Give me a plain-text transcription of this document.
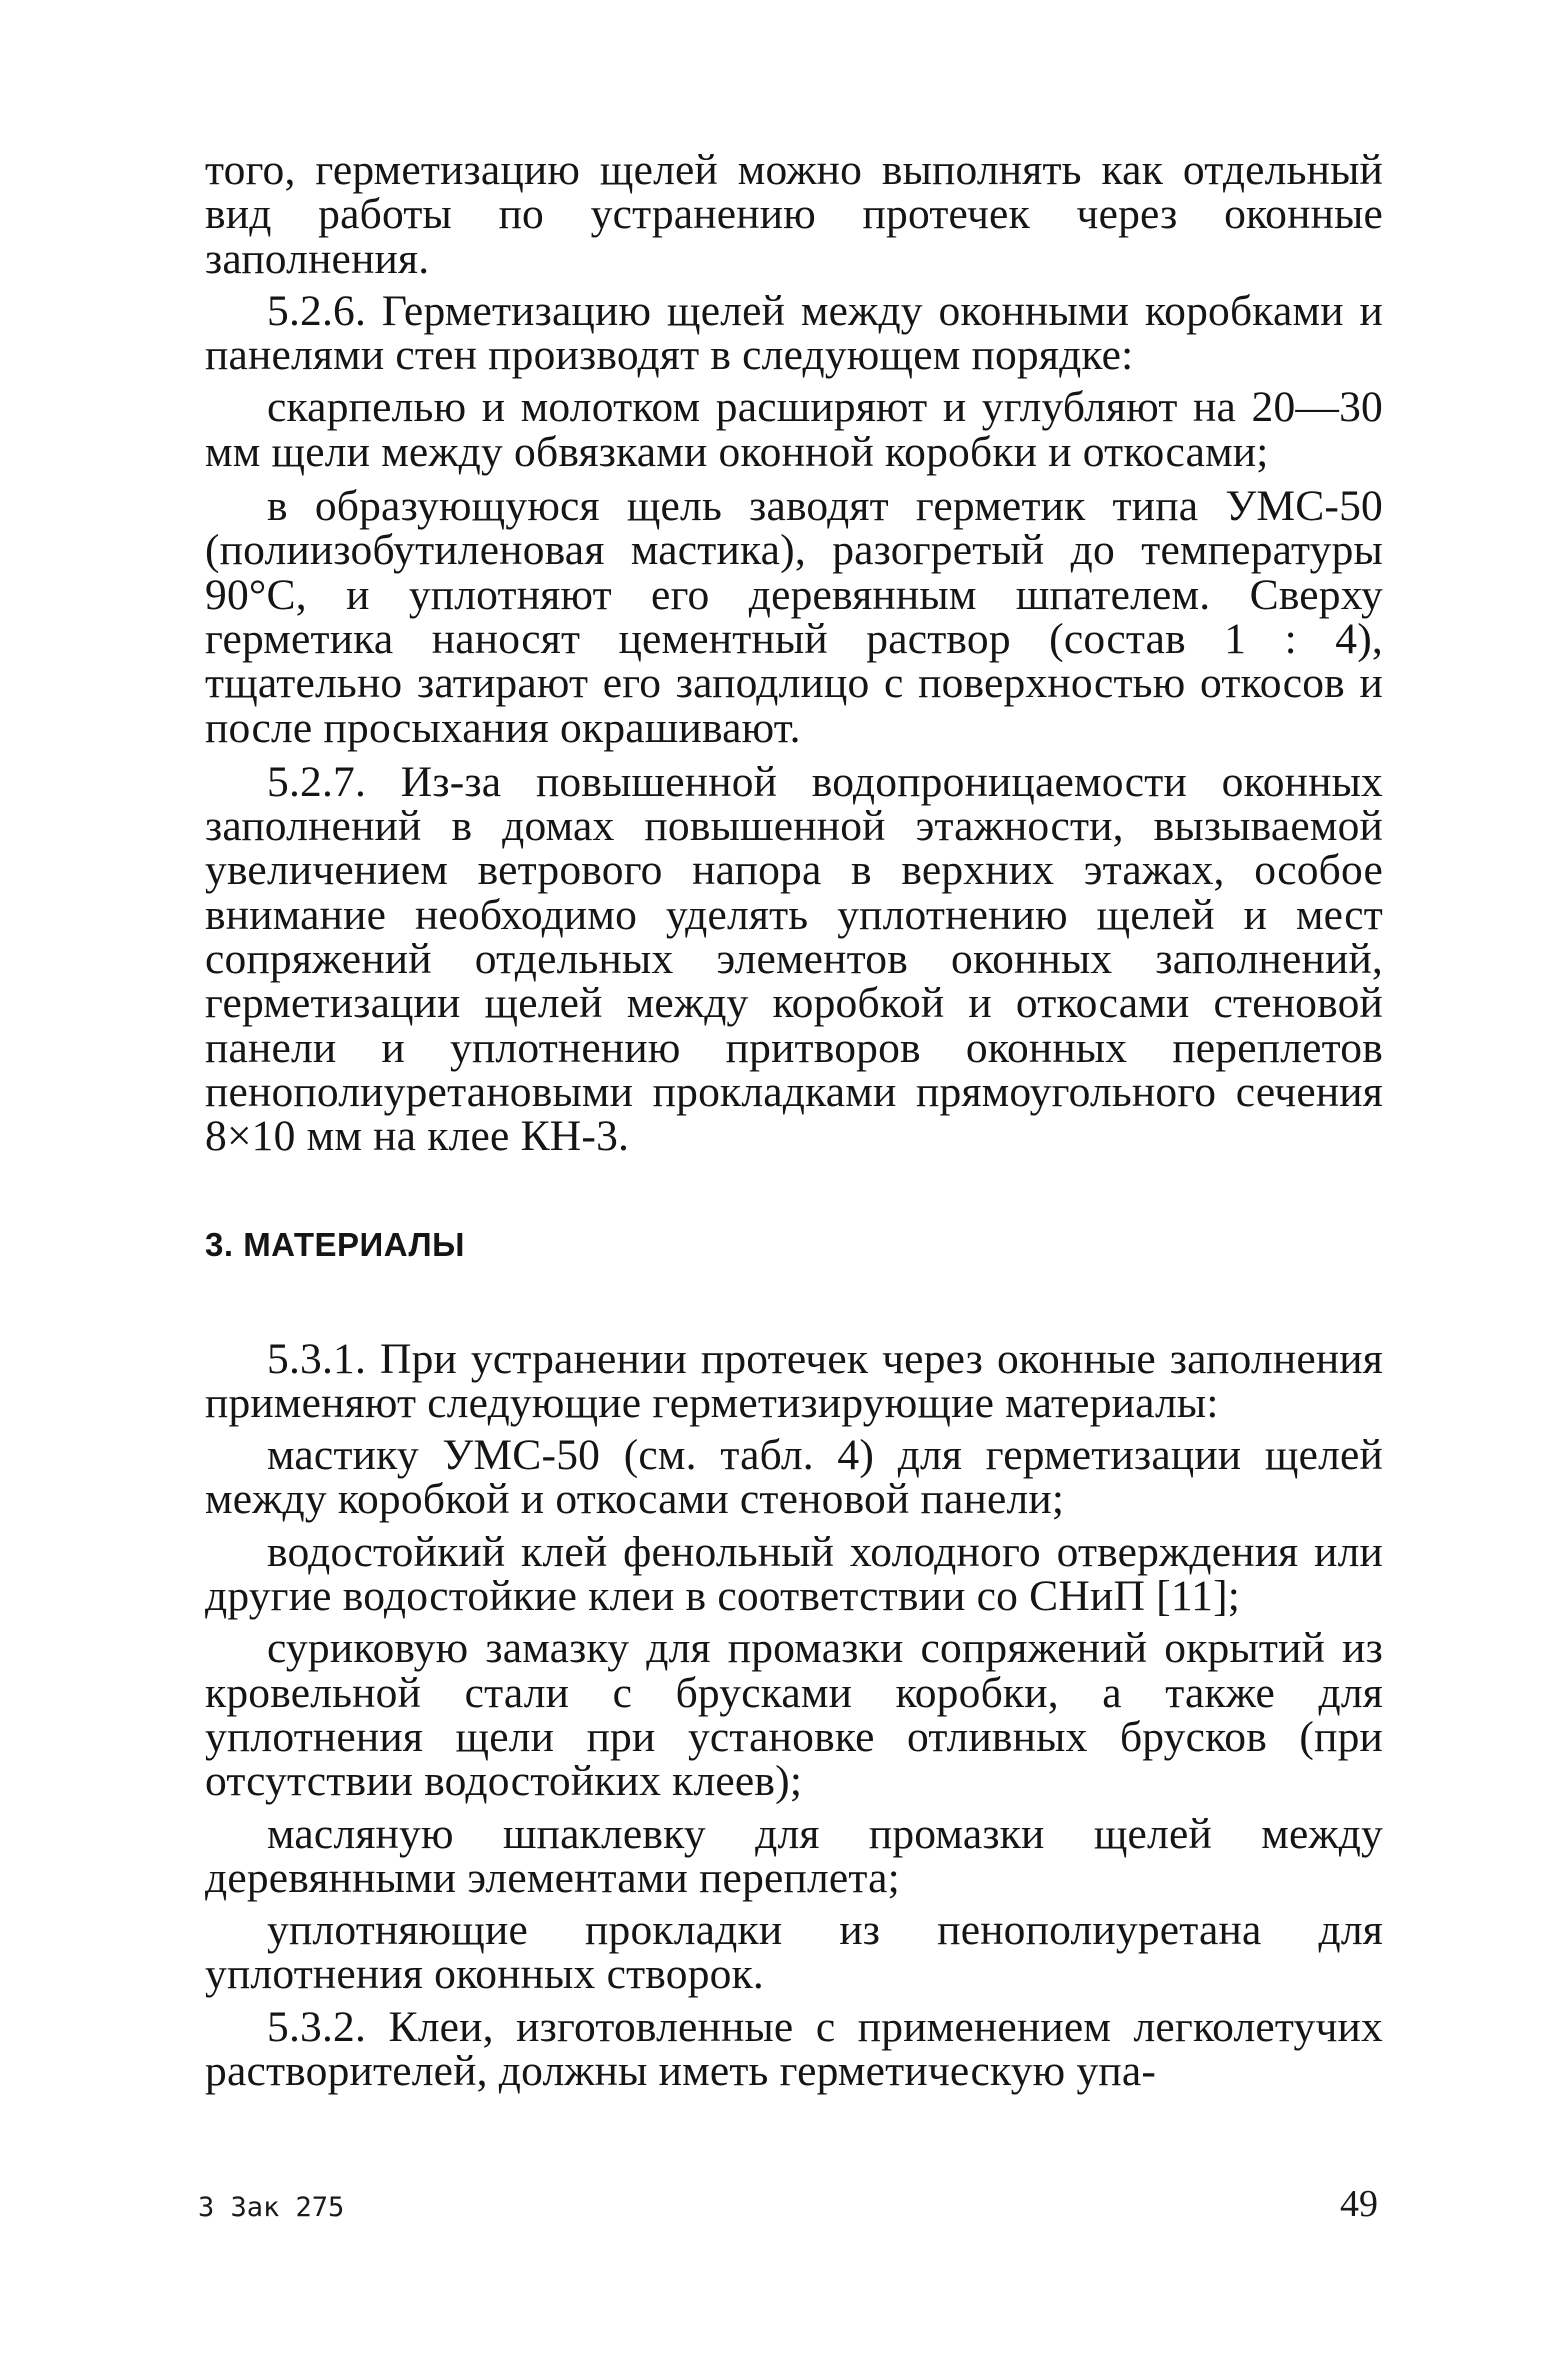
того, герметизацию щелей можно выполнять как отдельный вид работы по устранению протечек через оконные заполнения.

5.2.6. Герметизацию щелей между оконными коробками и панелями стен производят в следующем порядке:

скарпелью и молотком расширяют и углубляют на 20—30 мм щели между обвязками оконной коробки и откосами;

в образующуюся щель заводят герметик типа УМС-50 (полиизобутиленовая мастика), разогретый до температуры 90°С, и уплотняют его деревянным шпателем. Сверху герметика наносят цементный раствор (состав 1 : 4), тщательно затирают его заподлицо с поверхностью откосов и после просыхания окрашивают.

5.2.7. Из-за повышенной водопроницаемости оконных заполнений в домах повышенной этажности, вызываемой увеличением ветрового напора в верхних этажах, особое внимание необходимо уделять уплотнению щелей и мест сопряжений отдельных элементов оконных заполнений, герметизации щелей между коробкой и откосами стеновой панели и уплотнению притворов оконных переплетов пенополиуретановыми прокладками прямоугольного сечения 8×10 мм на клее КН-3.

3. МАТЕРИАЛЫ

5.3.1. При устранении протечек через оконные заполнения применяют следующие герметизирующие материалы:

мастику УМС-50 (см. табл. 4) для герметизации щелей между коробкой и откосами стеновой панели;

водостойкий клей фенольный холодного отверждения или другие водостойкие клеи в соответствии со СНиП [11];

суриковую замазку для промазки сопряжений окрытий из кровельной стали с брусками коробки, а также для уплотнения щели при установке отливных брусков (при отсутствии водостойких клеев);

масляную шпаклевку для промазки щелей между деревянными элементами переплета;

уплотняющие прокладки из пенополиуретана для уплотнения оконных створок.

5.3.2. Клеи, изготовленные с применением легколетучих растворителей, должны иметь герметическую упа-

3 Зак 275	49
